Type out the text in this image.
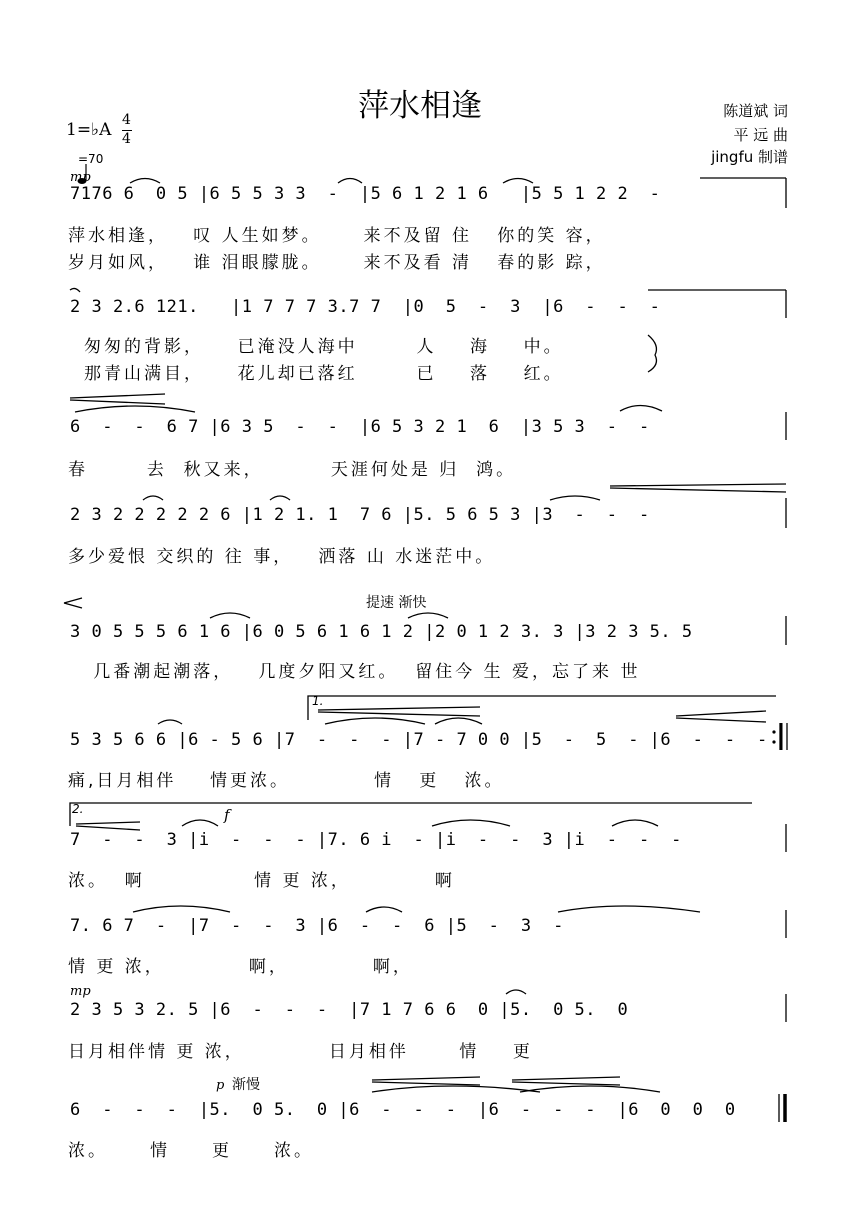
萍水相逢	陈道斌 词
平 远 曲
jingfu 制谱
1=♭A 4
4

=70
mp
7176 6  0 5 |6 5 5 3 3  -  |5 6 1 2 1 6   |5 5 1 2 2  -
萍水相逢，   叹 人生如梦。     来不及留 住   你的笑 容，
岁月如风，   谁 泪眼朦胧。     来不及看 清   春的影 踪，
2 3 2.6 121.   |1 7 7 7 3.7 7  |0  5  -  3  |6  -  -  -
匆匆的背影，    已淹没人海中       人    海    中。
那青山满目，    花儿却已落红       已    落    红。
6  -  -  6 7 |6 3 5  -  -  |6 5 3 2 1  6  |3 5 3  -  -
春       去  秋又来，        天涯何处是 归  鸿。
2 3 2 2 2 2 2 6 |1 2 1. 1  7 6 |5. 5 6 5 3 |3  -  -  -
多少爱恨 交织的 往 事，   洒落 山 水迷茫中。
提速 渐快
3 0 5 5 5 6 1 6 |6 0 5 6 1 6 1 2 |2 0 1 2 3. 3 |3 2 3 5. 5
几番潮起潮落，   几度夕阳又红。  留住今 生 爱，忘了来 世
1.
5 3 5 6 6 |6 - 5 6 |7  -  -  - |7 - 7 0 0 |5  -  5  - |6  -  -  -
痛,日月相伴    情更浓。          情   更   浓。
2.	f
7  -  -  3 |i  -  -  - |7. 6 i  - |i  -  -  3 |i  -  -  -
浓。  啊             情 更 浓，          啊
7. 6 7  -  |7  -  -  3 |6  -  -  6 |5  -  3  -
情 更 浓，          啊，          啊，
mp
2 3 5 3 2. 5 |6  -  -  -  |7 1 7 6 6  0 |5.  0 5.  0
日月相伴情 更 浓，          日月相伴      情    更
p 渐慢
6  -  -  -  |5.  0 5.  0 |6  -  -  -  |6  -  -  -  |6  0  0  0
浓。     情     更     浓。
